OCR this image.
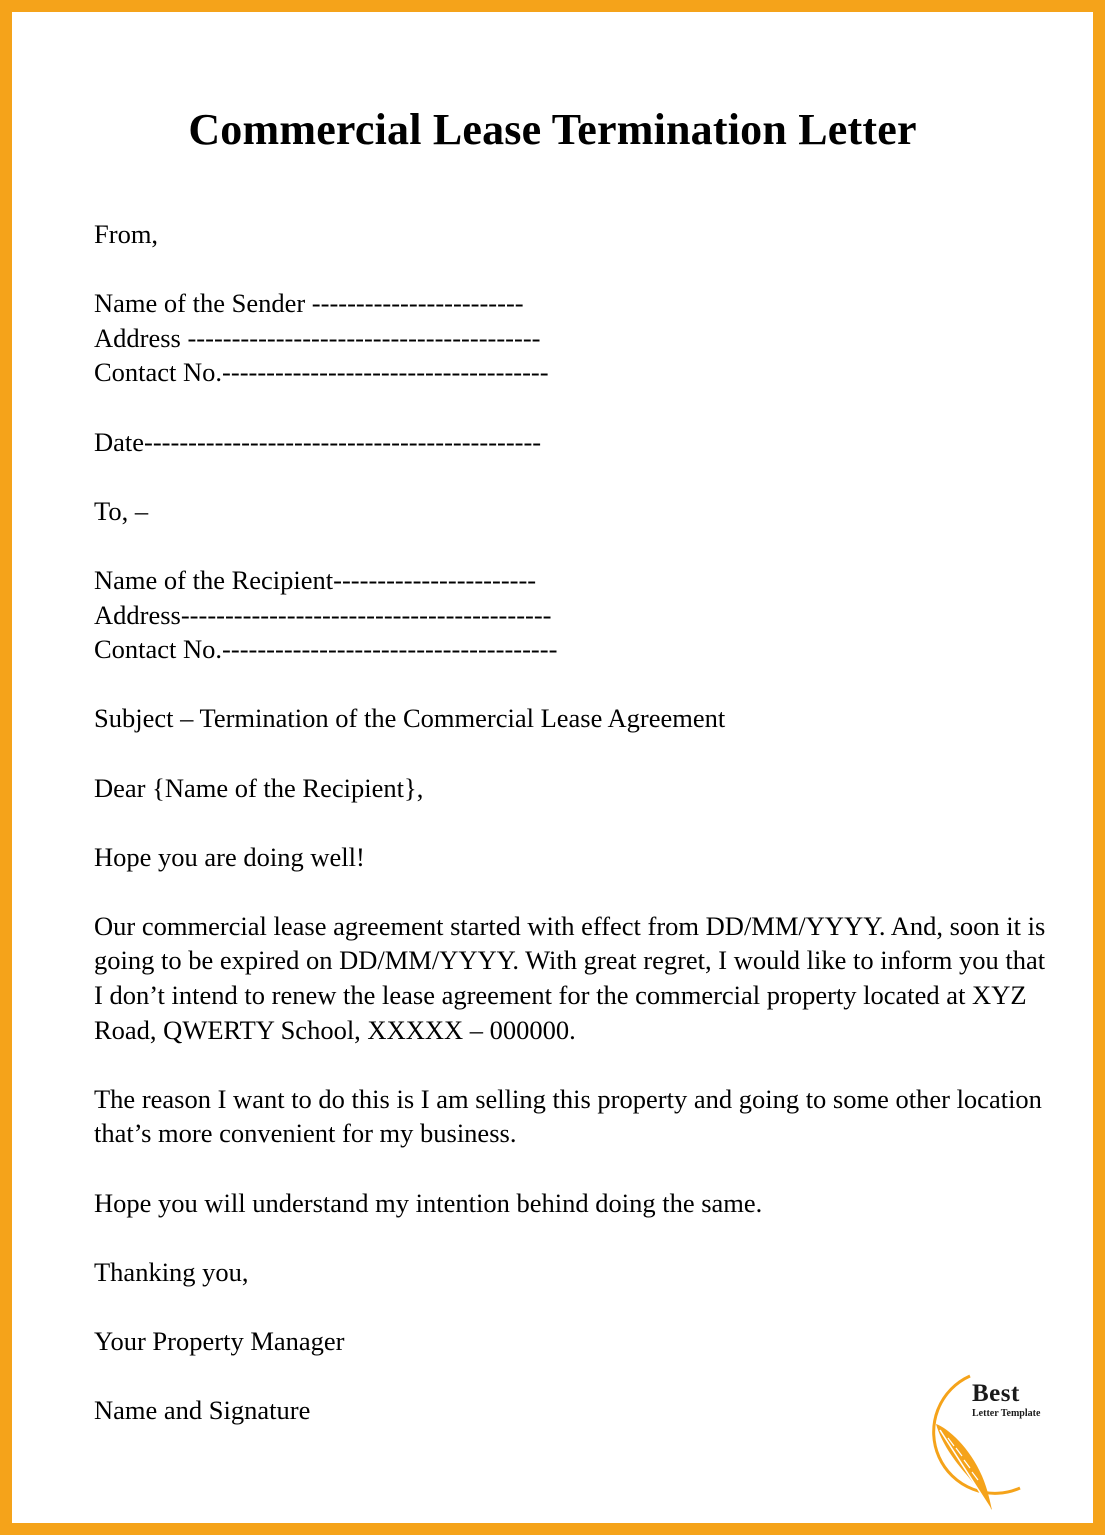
Commercial Lease Termination Letter
From,
Name of the Sender ------------------------
Address ----------------------------------------
Contact No.-------------------------------------
Date---------------------------------------------
To, –
Name of the Recipient-----------------------
Address------------------------------------------
Contact No.--------------------------------------
Subject – Termination of the Commercial Lease Agreement
Dear {Name of the Recipient},
Hope you are doing well!
Our commercial lease agreement started with effect from DD/MM/YYYY. And, soon it is going to be expired on DD/MM/YYYY. With great regret, I would like to inform you that I don’t intend to renew the lease agreement for the commercial property located at XYZ Road, QWERTY School, XXXXX – 000000.
The reason I want to do this is I am selling this property and going to some other location that’s more convenient for my business.
Hope you will understand my intention behind doing the same.
Thanking you,
Your Property Manager
Name and Signature
Best
Letter Template
